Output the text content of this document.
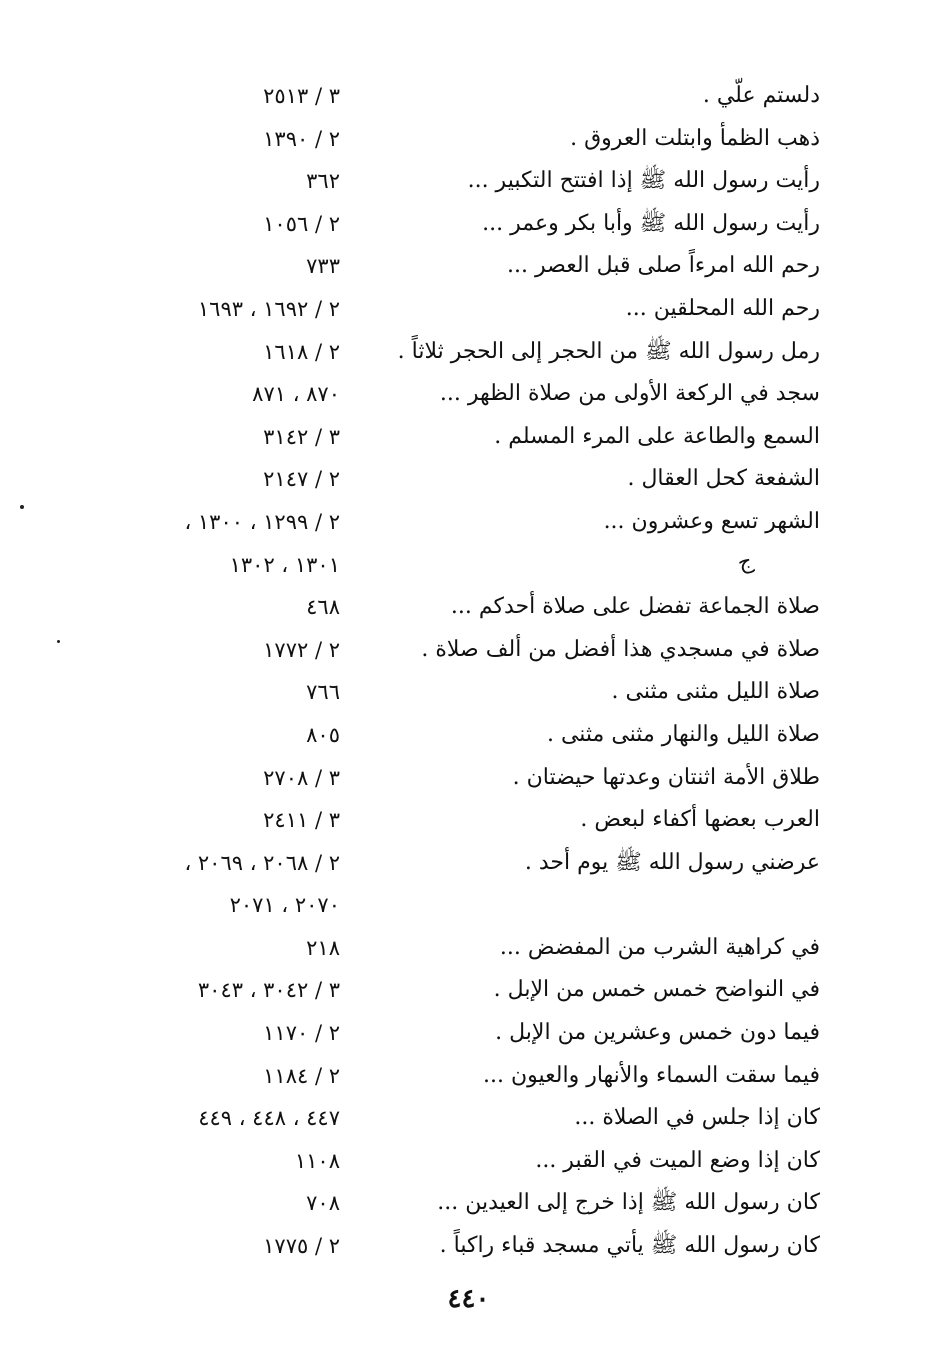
دلستم علّي .
٣ / ٢٥١٣
ذهب الظمأ وابتلت العروق .
٢ / ١٣٩٠
رأيت رسول الله ﷺ إذا افتتح التكبير ...
٣٦٢
رأيت رسول الله ﷺ وأبا بكر وعمر ...
٢ / ١٠٥٦
رحم الله امرءاً صلى قبل العصر ...
٧٣٣
رحم الله المحلقين ...
٢ / ١٦٩٢ ، ١٦٩٣
رمل رسول الله ﷺ من الحجر إلى الحجر ثلاثاً .
٢ / ١٦١٨
سجد في الركعة الأولى من صلاة الظهر ...
٨٧٠ ، ٨٧١
السمع والطاعة على المرء المسلم .
٣ / ٣١٤٢
الشفعة كحل العقال .
٢ / ٢١٤٧
الشهر تسع وعشرون ...
٢ / ١٢٩٩ ، ١٣٠٠ ،
ج
١٣٠١ ، ١٣٠٢
صلاة الجماعة تفضل على صلاة أحدكم ...
٤٦٨
صلاة في مسجدي هذا أفضل من ألف صلاة .
٢ / ١٧٧٢
صلاة الليل مثنى مثنى .
٧٦٦
صلاة الليل والنهار مثنى مثنى .
٨٠٥
طلاق الأمة اثنتان وعدتها حيضتان .
٣ / ٢٧٠٨
العرب بعضها أكفاء لبعض .
٣ / ٢٤١١
عرضني رسول الله ﷺ يوم أحد .
٢ / ٢٠٦٨ ، ٢٠٦٩ ،
٢٠٧٠ ، ٢٠٧١
في كراهية الشرب من المفضض ...
٢١٨
في النواضح خمس خمس من الإبل .
٣ / ٣٠٤٢ ، ٣٠٤٣
فيما دون خمس وعشرين من الإبل .
٢ / ١١٧٠
فيما سقت السماء والأنهار والعيون ...
٢ / ١١٨٤
كان إذا جلس في الصلاة ...
٤٤٧ ، ٤٤٨ ، ٤٤٩
كان إذا وضع الميت في القبر ...
١١٠٨
كان رسول الله ﷺ إذا خرج إلى العيدين ...
٧٠٨
كان رسول الله ﷺ يأتي مسجد قباء راكباً .
٢ / ١٧٧٥
٤٤٠
